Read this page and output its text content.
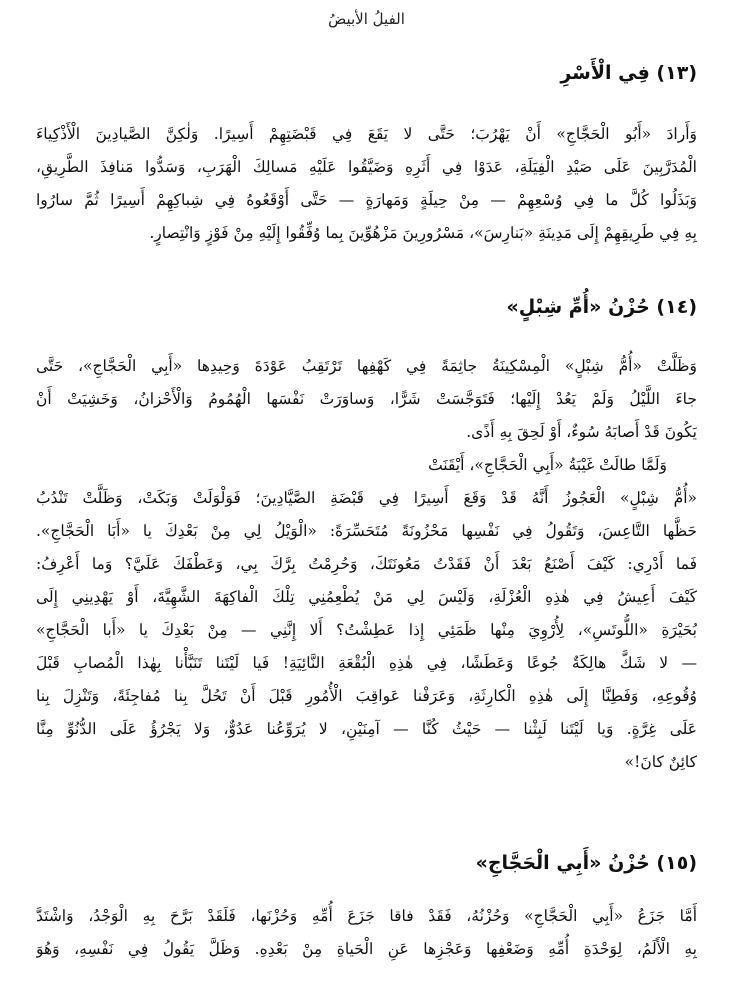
الفيلُ الأبيضُ
(١٣) فِي الْأَسْرِ
وَأَرادَ «أَبُو الْحَجَّاجِ» أَنْ يَهْرُبَ؛ حَتَّى لا يَقَعَ فِي قَبْضَتِهِمْ أَسِيرًا. وَلٰكِنَّ الصَّيادِينَ الْأَذْكِياءَ
الْمُدَرَّبِينَ عَلَى صَيْدِ الْفِيَلَةِ، عَدَوْا فِي أَثَرِهِ وَضَيَّقُوا عَلَيْهِ مَسالِكَ الْهَرَبِ، وَسَدُّوا مَنافِذَ الطَّرِيقِ،
وَبَذَلُوا كُلَّ ما فِي وُسْعِهِمْ — مِنْ حِيلَةٍ وَمَهارَةٍ — حَتَّى أَوْقَعُوهُ فِي شِباكِهِمْ أَسِيرًا ثُمَّ سارُوا
بِهِ فِي طَرِيقِهِمْ إِلَى مَدِينَةِ «بَنارِسَ»، مَسْرُورِينَ مَزْهُوِّينَ بِما وُفِّقُوا إِلَيْهِ مِنْ فَوْزٍ وَانْتِصارٍ.
(١٤) حُزْنُ «أُمِّ شِبْلٍ»
وَظَلَّتْ «أُمُّ شِبْلٍ» الْمِسْكِينَةُ جاثِمَةً فِي كَهْفِها تَرْتَقِبُ عَوْدَةَ وَحِيدِها «أَبِي الْحَجَّاجِ»، حَتَّى
جاءَ اللَّيْلُ وَلَمْ يَعُدْ إِلَيْها؛ فَتَوَجَّسَتْ شَرًّا، وَساوَرَتْ نَفْسَها الْهُمُومُ وَالْأَحْزانُ، وَخَشِيَتْ أَنْ
يَكُونَ قَدْ أَصابَهُ سُوءٌ، أَوْ لَحِقَ بِهِ أَذًى.
وَلَمَّا طالَتْ غَيْبَةُ «أَبِي الْحَجَّاجِ»، أَيْقَنَتْ
«أُمُّ شِبْلٍ» الْعَجُوزُ أَنَّهُ قَدْ وَقَعَ أَسِيرًا فِي قَبْضَةِ الصَّيَّادِينَ؛ فَوَلْوَلَتْ وَبَكَتْ، وَظَلَّتْ تَنْدُبُ
حَظَّها التَّاعِسَ، وَتَقُولُ فِي نَفْسِها مَحْزُونَةً مُتَحَسِّرَةً: «الْوَيْلُ لِي مِنْ بَعْدِكَ يا «أَبَا الْحَجَّاجِ».
فَما أَدْرِي: كَيْفَ أَصْنَعُ بَعْدَ أَنْ فَقَدْتُ مَعُونَتَكَ، وَحُرِمْتُ بِرَّكَ بِي، وَعَطْفَكَ عَلَيَّ؟ وَما أَعْرِفُ:
كَيْفَ أَعِيشُ فِي هٰذِهِ الْعُزْلَةِ، وَلَيْسَ لِي مَنْ يُطْعِمُنِي تِلْكَ الْفاكِهَةَ الشَّهِيَّةَ، أَوْ يَهْدِينِي إِلَى
بُحَيْرَةِ «اللُّوتَسِ»، لِأُرْوِيَ مِنْها ظَمَئِي إِذا عَطِشْتُ؟ أَلا إِنَّنِي — مِنْ بَعْدِكَ يا «أَبا الْحَجَّاجِ»
— لا شَكَّ هالِكَةٌ جُوعًا وَعَطَشًا، فِي هٰذِهِ الْبُقْعَةِ النَّائِيَةِ! فَيا لَيْتَنا تَنَبَّأْنا بِهٰذا الْمُصابِ قَبْلَ
وُقُوعِهِ، وَفَطِنَّا إِلَى هٰذِهِ الْكارِثَةِ، وَعَرَفْنا عَواقِبَ الْأُمُورِ قَبْلَ أَنْ تَحُلَّ بِنا مُفاجِئَةً، وَتَنْزِلَ بِنا
عَلَى غِرَّةٍ. وَيا لَيْتَنا لَبِثْنا — حَيْثُ كُنَّا — آمِنَيْنِ، لا يُرَوِّعُنا عَدُوٌّ، وَلا يَجْرُؤُ عَلَى الدُّنُوِّ مِنَّا
كائِنٌ كانَ!»
(١٥) حُزْنُ «أَبِي الْحَجَّاجِ»
أَمَّا جَزَعُ «أَبِي الْحَجَّاجِ» وَحُزْنُهُ، فَقَدْ فاقا جَزَعَ أُمِّهِ وَحُزْنَها، فَلَقَدْ بَرَّحَ بِهِ الْوَجْدُ، وَاشْتَدَّ
بِهِ الْأَلَمُ، لِوَحْدَةِ أُمِّهِ وَضَعْفِها وَعَجْزِها عَنِ الْحَياةِ مِنْ بَعْدِهِ. وَظَلَّ يَقُولُ فِي نَفْسِهِ، وَهُوَ
